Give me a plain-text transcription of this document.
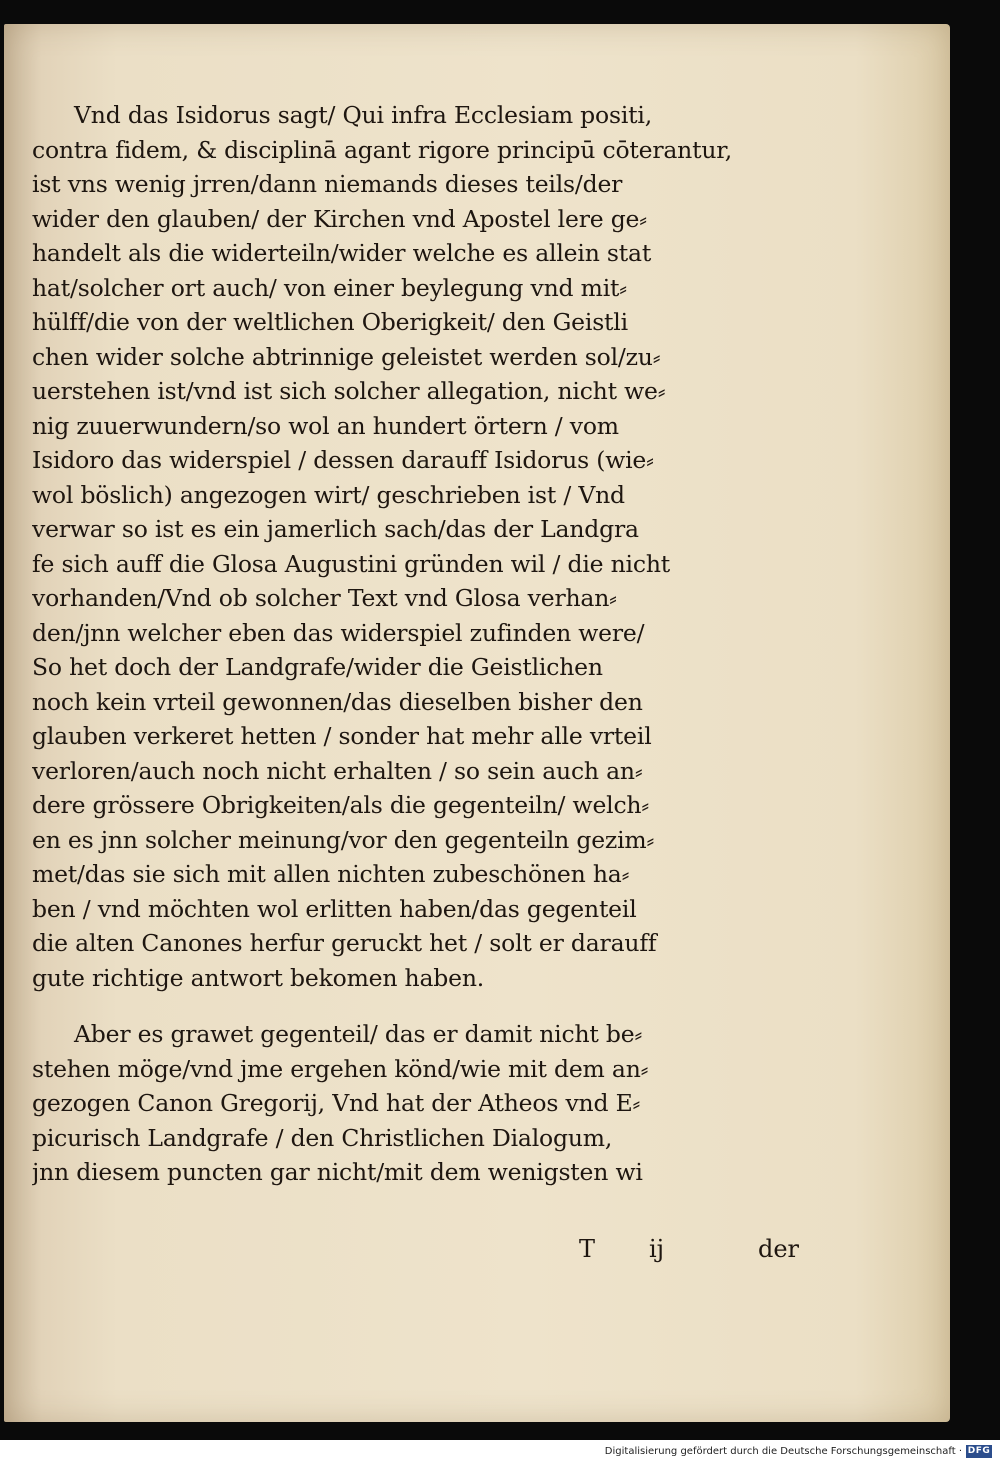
Vnd das Isidorus sagt/ Qui infra Ecclesiam positi,
contra fidem, & disciplinā agant rigore principū cōterantur,
ist vns wenig jrren/dann niemands dieses teils/der
wider den glauben/ der Kirchen vnd Apostel lere ge⸗
handelt als die widerteiln/wider welche es allein stat
hat/solcher ort auch/ von einer beylegung vnd mit⸗
hülff/die von der weltlichen Oberigkeit/ den Geistli
chen wider solche abtrinnige geleistet werden sol/zu⸗
uerstehen ist/vnd ist sich solcher allegation, nicht we⸗
nig zuuerwundern/so wol an hundert örtern / vom
Isidoro das widerspiel / dessen darauff Isidorus (wie⸗
wol böslich) angezogen wirt/ geschrieben ist / Vnd
verwar so ist es ein jamerlich sach/das der Landgra
fe sich auff die Glosa Augustini gründen wil / die nicht
vorhanden/Vnd ob solcher Text vnd Glosa verhan⸗
den/jnn welcher eben das widerspiel zufinden were/
So het doch der Landgrafe/wider die Geistlichen
noch kein vrteil gewonnen/das dieselben bisher den
glauben verkeret hetten / sonder hat mehr alle vrteil
verloren/auch noch nicht erhalten / so sein auch an⸗
dere grössere Obrigkeiten/als die gegenteiln/ welch⸗
en es jnn solcher meinung/vor den gegenteiln gezim⸗
met/das sie sich mit allen nichten zubeschönen ha⸗
ben / vnd möchten wol erlitten haben/das gegenteil
die alten Canones herfur geruckt het / solt er darauff
gute richtige antwort bekomen haben.
Aber es grawet gegenteil/ das er damit nicht be⸗
stehen möge/vnd jme ergehen könd/wie mit dem an⸗
gezogen Canon Gregorij, Vnd hat der Atheos vnd E⸗
picurisch Landgrafe / den Christlichen Dialogum,
jnn diesem puncten gar nicht/mit dem wenigsten wi
T ij	der
Digitalisierung gefördert durch die Deutsche Forschungsgemeinschaft · DFG
